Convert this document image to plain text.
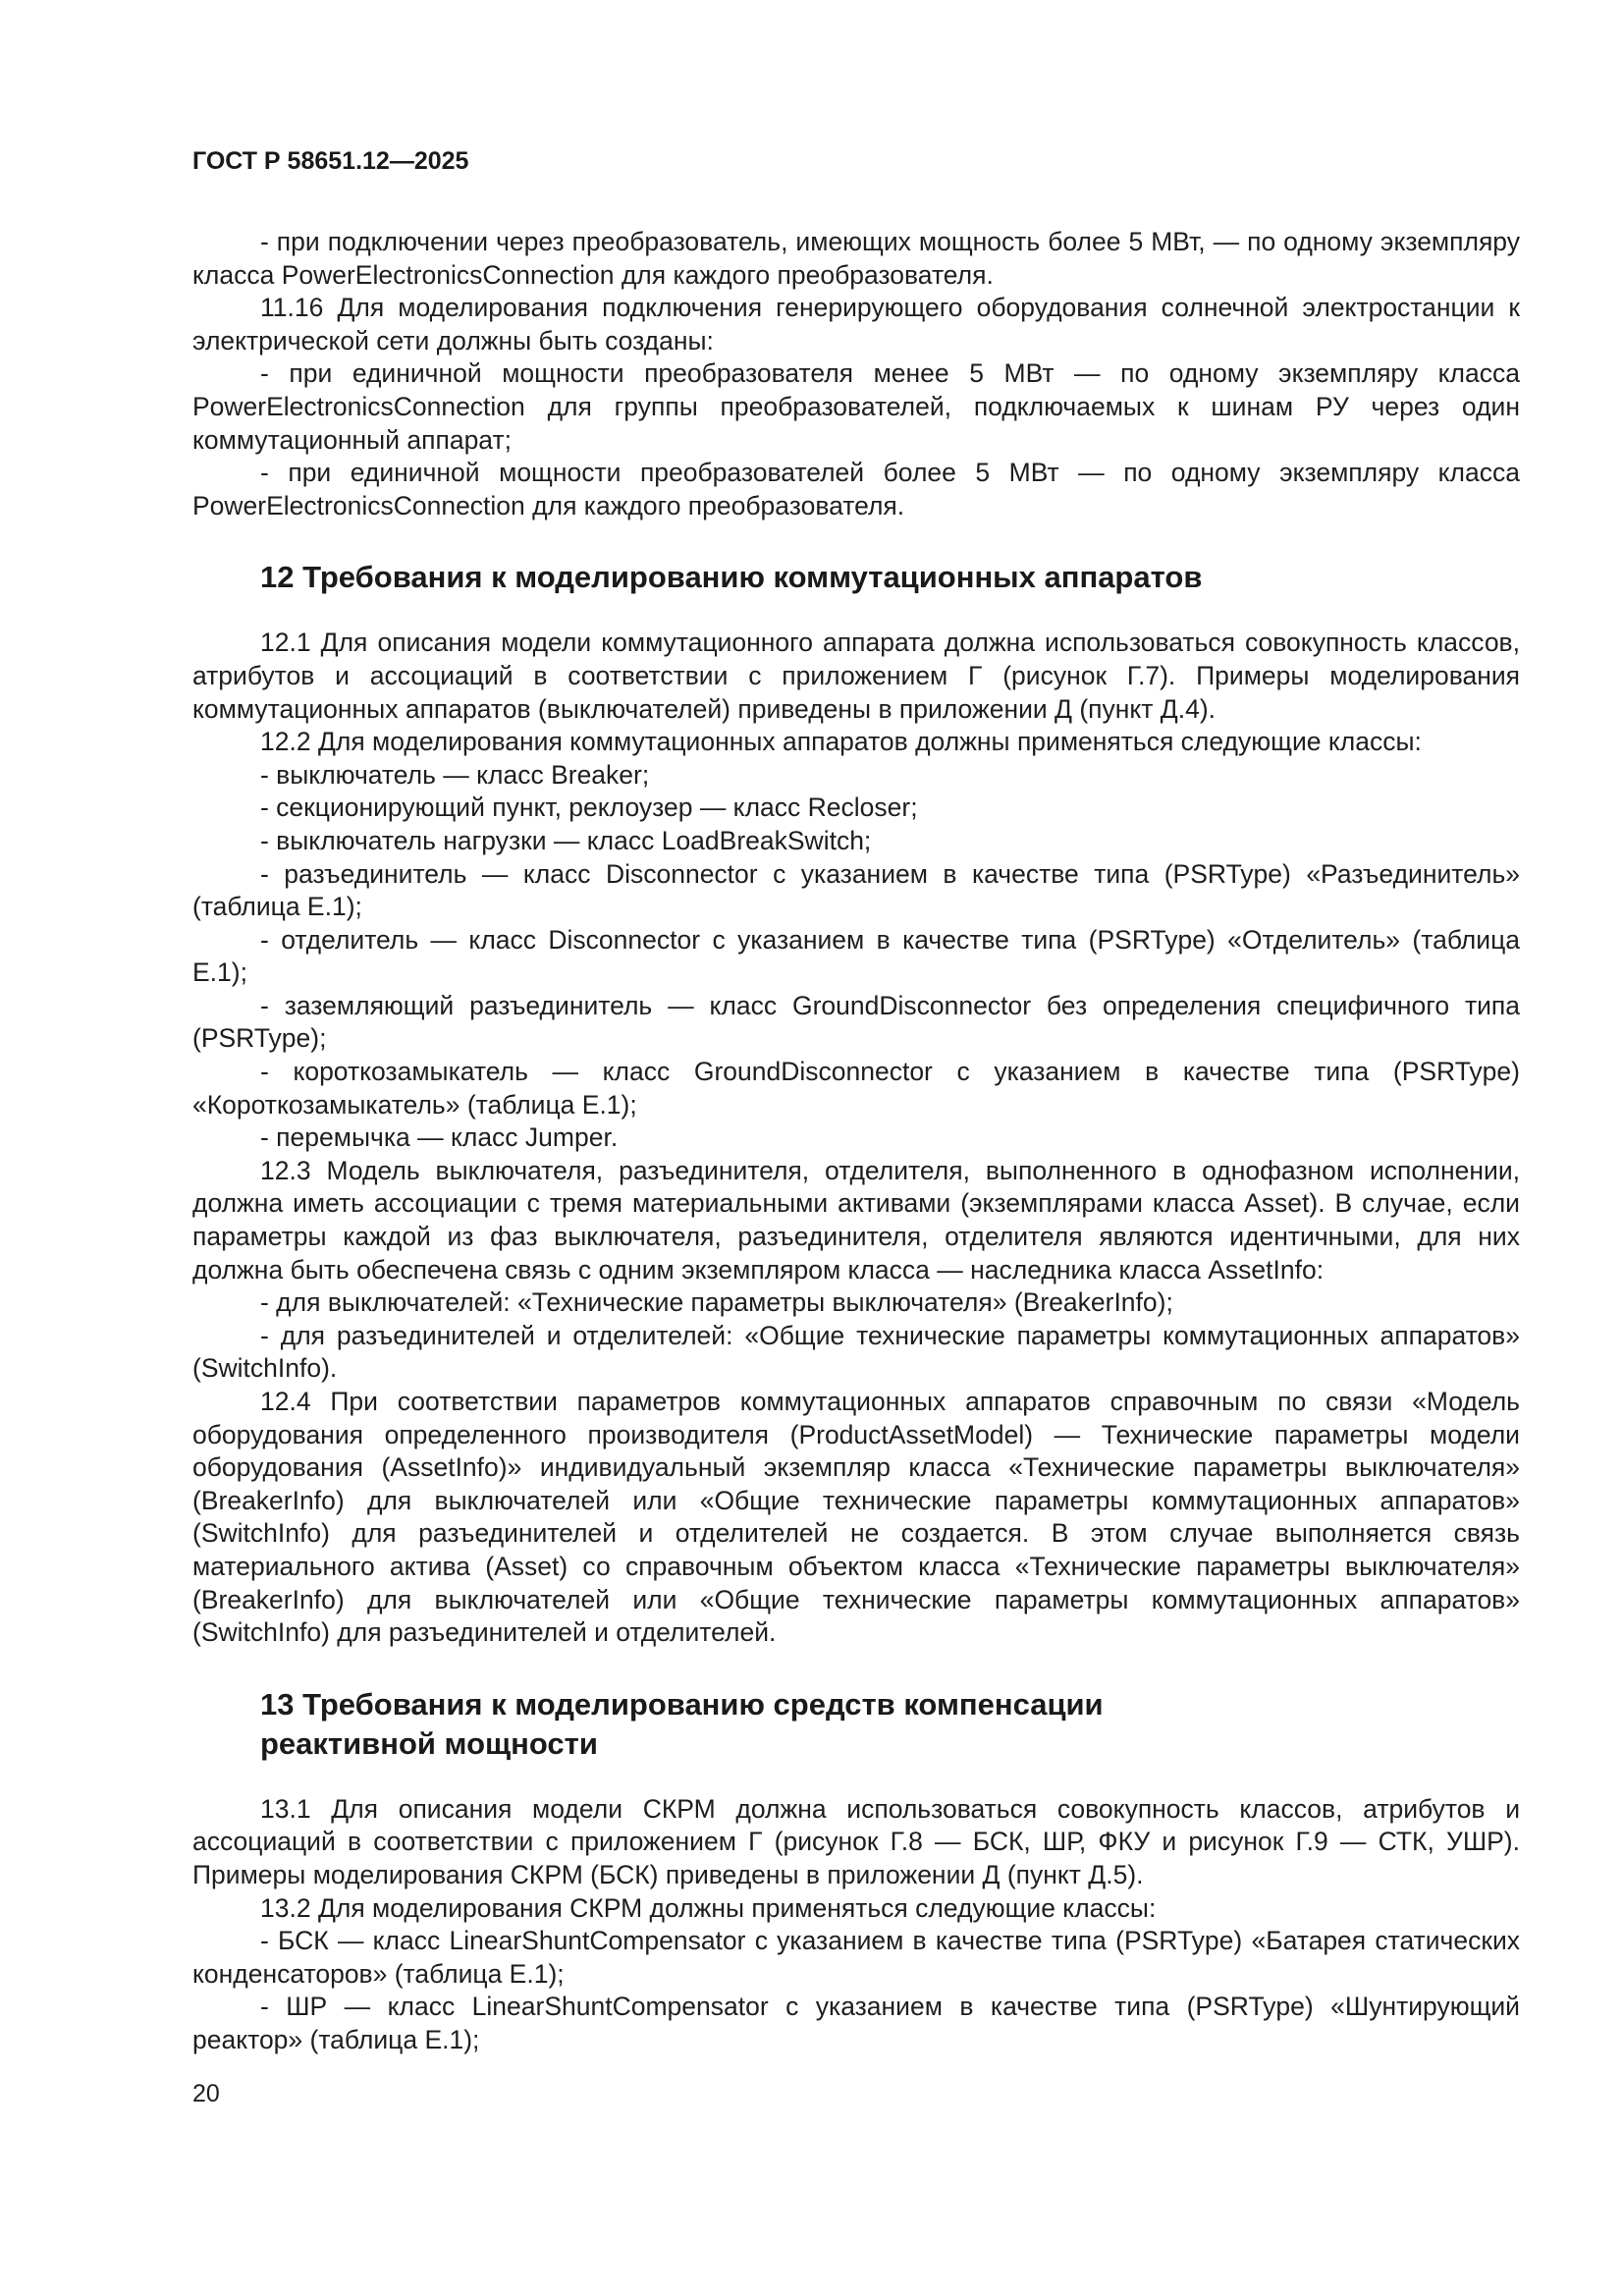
ГОСТ Р 58651.12—2025

- при подключении через преобразователь, имеющих мощность более 5 МВт, — по одному экземпляру класса PowerElectronicsConnection для каждого преобразователя.

11.16 Для моделирования подключения генерирующего оборудования солнечной электростанции к электрической сети должны быть созданы:

- при единичной мощности преобразователя менее 5 МВт — по одному экземпляру класса PowerElectronicsConnection для группы преобразователей, подключаемых к шинам РУ через один коммутационный аппарат;

- при единичной мощности преобразователей более 5 МВт — по одному экземпляру класса PowerElectronicsConnection для каждого преобразователя.

12 Требования к моделированию коммутационных аппаратов

12.1 Для описания модели коммутационного аппарата должна использоваться совокупность классов, атрибутов и ассоциаций в соответствии с приложением Г (рисунок Г.7). Примеры моделирования коммутационных аппаратов (выключателей) приведены в приложении Д (пункт Д.4).

12.2 Для моделирования коммутационных аппаратов должны применяться следующие классы:

- выключатель — класс Breaker;

- секционирующий пункт, реклоузер — класс Recloser;

- выключатель нагрузки — класс LoadBreakSwitch;

- разъединитель — класс Disconnector с указанием в качестве типа (PSRType) «Разъединитель» (таблица Е.1);

- отделитель — класс Disconnector с указанием в качестве типа (PSRType) «Отделитель» (таблица Е.1);

- заземляющий разъединитель — класс GroundDisconnector без определения специфичного типа (PSRType);

- короткозамыкатель — класс GroundDisconnector с указанием в качестве типа (PSRType) «Короткозамыкатель» (таблица Е.1);

- перемычка — класс Jumper.

12.3 Модель выключателя, разъединителя, отделителя, выполненного в однофазном исполнении, должна иметь ассоциации с тремя материальными активами (экземплярами класса Asset). В случае, если параметры каждой из фаз выключателя, разъединителя, отделителя являются идентичными, для них должна быть обеспечена связь с одним экземпляром класса — наследника класса AssetInfo:

- для выключателей: «Технические параметры выключателя» (BreakerInfo);

- для разъединителей и отделителей: «Общие технические параметры коммутационных аппаратов» (SwitchInfo).

12.4 При соответствии параметров коммутационных аппаратов справочным по связи «Модель оборудования определенного производителя (ProductAssetModel) — Технические параметры модели оборудования (AssetInfo)» индивидуальный экземпляр класса «Технические параметры выключателя» (BreakerInfo) для выключателей или «Общие технические параметры коммутационных аппаратов» (SwitchInfo) для разъединителей и отделителей не создается. В этом случае выполняется связь материального актива (Asset) со справочным объектом класса «Технические параметры выключателя» (BreakerInfo) для выключателей или «Общие технические параметры коммутационных аппаратов» (SwitchInfo) для разъединителей и отделителей.

13 Требования к моделированию средств компенсации
реактивной мощности

13.1 Для описания модели СКРМ должна использоваться совокупность классов, атрибутов и ассоциаций в соответствии с приложением Г (рисунок Г.8 — БСК, ШР, ФКУ и рисунок Г.9 — СТК, УШР). Примеры моделирования СКРМ (БСК) приведены в приложении Д (пункт Д.5).

13.2 Для моделирования СКРМ должны применяться следующие классы:

- БСК — класс LinearShuntCompensator с указанием в качестве типа (PSRType) «Батарея статических конденсаторов» (таблица Е.1);

- ШР — класс LinearShuntCompensator с указанием в качестве типа (PSRType) «Шунтирующий реактор» (таблица Е.1);

20
